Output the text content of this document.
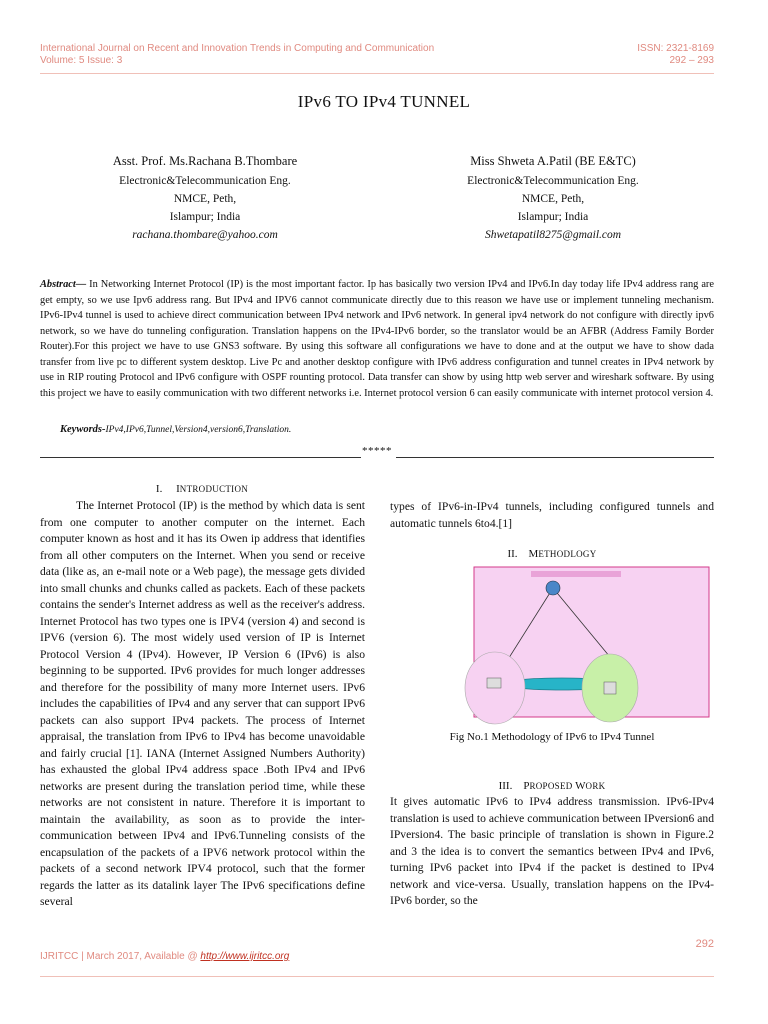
International Journal on Recent and Innovation Trends in Computing and Communication
Volume: 5 Issue: 3
ISSN: 2321-8169
292 – 293
IPv6 TO IPv4 TUNNEL
Asst. Prof. Ms.Rachana B.Thombare
Electronic&Telecommunication Eng.
NMCE, Peth,
Islampur; India
rachana.thombare@yahoo.com
Miss Shweta A.Patil (BE E&TC)
Electronic&Telecommunication Eng.
NMCE, Peth,
Islampur; India
Shwetapatil8275@gmail.com
Abstract— In Networking Internet Protocol (IP) is the most important factor. Ip has basically two version IPv4 and IPv6.In day today life IPv4 address rang are get empty, so we use Ipv6 address rang. But IPv4 and IPV6 cannot communicate directly due to this reason we have use or implement tunneling mechanism. IPv6-IPv4 tunnel is used to achieve direct communication between IPv4 network and IPv6 network. In general ipv4 network do not configure with directly ipv6 network, so we have do tunneling configuration. Translation happens on the IPv4-IPv6 border, so the translator would be an AFBR (Address Family Border Router).For this project we have to use GNS3 software. By using this software all configurations we have to done and at the output we have to show dada transfer from live pc to different system desktop. Live Pc and another desktop configure with IPv6 address configuration and tunnel creates in IPv4 network by use in RIP routing Protocol and IPv6 configure with OSPF rounting protocol. Data transfer can show by using http web server and wireshark software. By using this project we have to easily communication with two different networks i.e. Internet protocol version 6 can easily communicate with internet protocol version 4.
Keywords-IPv4,IPv6,Tunnel,Version4,version6,Translation.
*****
I. INTRODUCTION

The Internet Protocol (IP) is the method by which data is sent from one computer to another computer on the internet. Each computer known as host and it has its Owen ip address that identifies from all other computers on the Internet. When you send or receive data (like as, an e-mail note or a Web page), the message gets divided into small chunks and chunks called as packets. Each of these packets contains the sender's Internet address as well as the receiver's address. Internet Protocol has two types one is IPV4 (version 4) and second is IPV6 (version 6). The most widely used version of IP is Internet Protocol Version 4 (IPv4). However, IP Version 6 (IPv6) is also beginning to be supported. IPv6 provides for much longer addresses and therefore for the possibility of many more Internet users. IPv6 includes the capabilities of IPv4 and any server that can support IPv6 packets can also support IPv4 packets. The process of Internet appraisal, the translation from IPv6 to IPv4 has become unavoidable and fairly crucial [1]. IANA (Internet Assigned Numbers Authority) has exhausted the global IPv4 address space .Both IPv4 and IPv6 networks are present during the translation period time, while these networks are not consistent in nature. Therefore it is important to maintain the availability, as soon as to provide the inter-communication between IPv4 and IPv6.Tunneling consists of the encapsulation of the packets of a IPV6 network protocol within the packets of a second network IPV4 protocol, such that the former regards the latter as its datalink layer The IPv6 specifications define several

types of IPv6-in-IPv4 tunnels, including configured tunnels and automatic tunnels 6to4.[1]

II. METHODLOGY
Fig No.1 Methodology of IPv6 to IPv4 Tunnel
III. PROPOSED WORK

It gives automatic IPv6 to IPv4 address transmission. IPv6-IPv4 translation is used to achieve communication between IPversion6 and IPversion4. The basic principle of translation is shown in Figure.2 and 3 the idea is to convert the semantics between IPv4 and IPv6, turning IPv6 packet into IPv4 if the packet is destined to IPv4 network and vice-versa. Usually, translation happens on the IPv4-IPv6 border, so the

292
IJRITCC | March 2017, Available @ http://www.ijritcc.org
